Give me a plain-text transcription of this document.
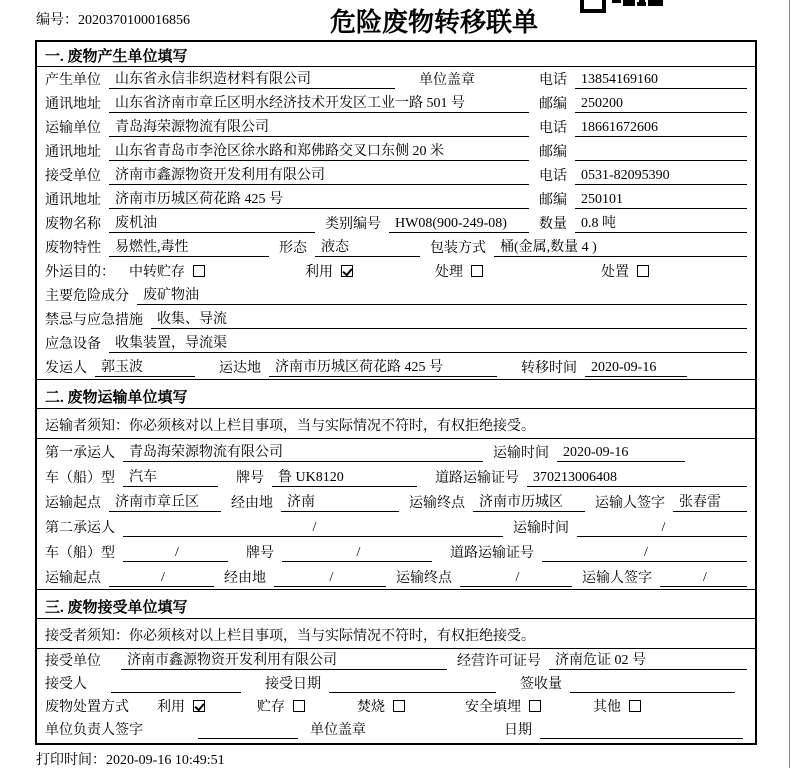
编号：2020370100016856	危险废物转移联单
一. 废物产生单位填写
产生单位	山东省永信非织造材料有限公司	单位盖章	电话	13854169160
通讯地址	山东省济南市章丘区明水经济技术开发区工业一路 501 号	邮编	250200
运输单位	青岛海荣源物流有限公司	电话	18661672606
通讯地址	山东省青岛市李沧区徐水路和郑佛路交叉口东侧 20 米	邮编
接受单位	济南市鑫源物资开发利用有限公司	电话	0531-82095390
通讯地址	济南市历城区荷花路 425 号	邮编	250101
废物名称	废机油	类别编号	HW08(900-249-08)	数量	0.8 吨
废物特性	易燃性,毒性	形态	液态	包装方式	桶(金属,数量 4 )
外运目的： 中转贮存	利用	处理	处置
主要危险成分	废矿物油
禁忌与应急措施	收集、导流
应急设备	收集装置，导流渠
发运人	郭玉波	运达地	济南市历城区荷花路 425 号	转移时间	2020-09-16
二. 废物运输单位填写
运输者须知：你必须核对以上栏目事项，当与实际情况不符时，有权拒绝接受。
第一承运人	青岛海荣源物流有限公司	运输时间	2020-09-16
车（船）型	汽车	牌号	鲁 UK8120	道路运输证号	370213006408
运输起点	济南市章丘区	经由地	济南	运输终点	济南市历城区	运输人签字	张春雷
第二承运人	/	运输时间	/
车（船）型	/	牌号	/	道路运输证号	/
运输起点	/	经由地	/	运输终点	/	运输人签字	/
三. 废物接受单位填写
接受者须知：你必须核对以上栏目事项，当与实际情况不符时，有权拒绝接受。
接受单位	济南市鑫源物资开发利用有限公司	经营许可证号	济南危证 02 号
接受人	接受日期	签收量
废物处置方式 利用	贮存	焚烧	安全填埋	其他
单位负责人签字	单位盖章	日期
打印时间：2020-09-16 10:49:51
